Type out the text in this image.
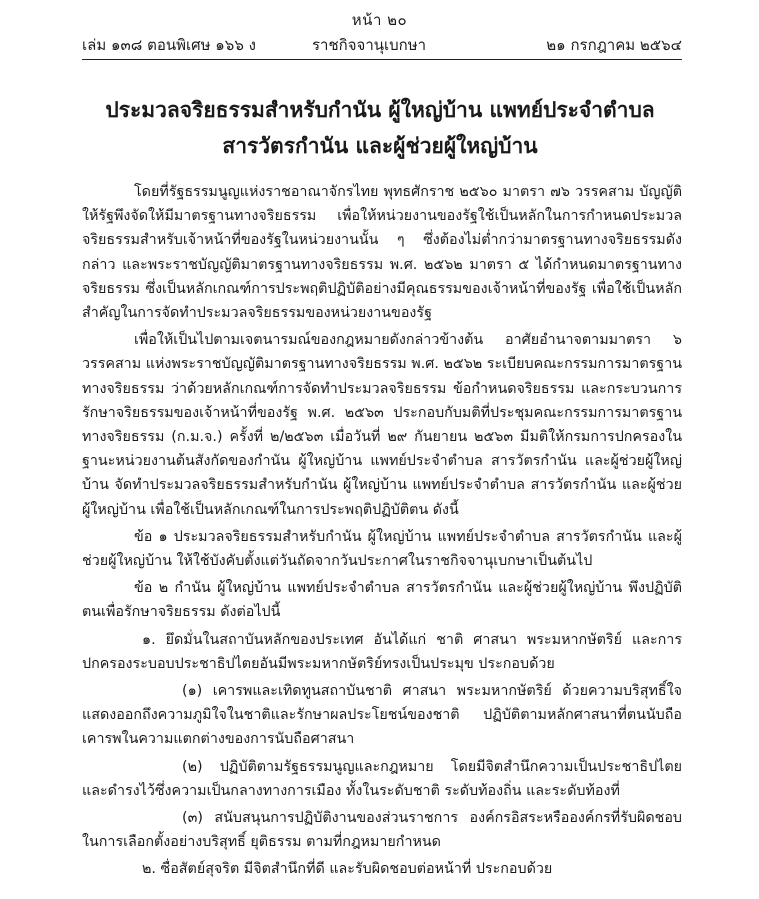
หน้า ๒๐
เล่ม ๑๓๘ ตอนพิเศษ ๑๖๖ ง	ราชกิจจานุเบกษา	๒๑ กรกฎาคม ๒๕๖๔
ประมวลจริยธรรมสำหรับกำนัน ผู้ใหญ่บ้าน แพทย์ประจำตำบล
สารวัตรกำนัน และผู้ช่วยผู้ใหญ่บ้าน

โดยที่รัฐธรรมนูญแห่งราชอาณาจักรไทย พุทธศักราช ๒๕๖๐ มาตรา ๗๖ วรรคสาม บัญญัติให้รัฐพึงจัดให้มีมาตรฐานทางจริยธรรม เพื่อให้หน่วยงานของรัฐใช้เป็นหลักในการกำหนดประมวลจริยธรรมสำหรับเจ้าหน้าที่ของรัฐในหน่วยงานนั้น ๆ ซึ่งต้องไม่ต่ำกว่ามาตรฐานทางจริยธรรมดังกล่าว และพระราชบัญญัติมาตรฐานทางจริยธรรม พ.ศ. ๒๕๖๒ มาตรา ๕ ได้กำหนดมาตรฐานทางจริยธรรม ซึ่งเป็นหลักเกณฑ์การประพฤติปฏิบัติอย่างมีคุณธรรมของเจ้าหน้าที่ของรัฐ เพื่อใช้เป็นหลักสำคัญในการจัดทำประมวลจริยธรรมของหน่วยงานของรัฐ

เพื่อให้เป็นไปตามเจตนารมณ์ของกฎหมายดังกล่าวข้างต้น อาศัยอำนาจตามมาตรา ๖ วรรคสาม แห่งพระราชบัญญัติมาตรฐานทางจริยธรรม พ.ศ. ๒๕๖๒ ระเบียบคณะกรรมการมาตรฐานทางจริยธรรม ว่าด้วยหลักเกณฑ์การจัดทำประมวลจริยธรรม ข้อกำหนดจริยธรรม และกระบวนการรักษาจริยธรรมของเจ้าหน้าที่ของรัฐ พ.ศ. ๒๕๖๓ ประกอบกับมติที่ประชุมคณะกรรมการมาตรฐานทางจริยธรรม (ก.ม.จ.) ครั้งที่ ๒/๒๕๖๓ เมื่อวันที่ ๒๙ กันยายน ๒๕๖๓ มีมติให้กรมการปกครองในฐานะหน่วยงานต้นสังกัดของกำนัน ผู้ใหญ่บ้าน แพทย์ประจำตำบล สารวัตรกำนัน และผู้ช่วยผู้ใหญ่บ้าน จัดทำประมวลจริยธรรมสำหรับกำนัน ผู้ใหญ่บ้าน แพทย์ประจำตำบล สารวัตรกำนัน และผู้ช่วยผู้ใหญ่บ้าน เพื่อใช้เป็นหลักเกณฑ์ในการประพฤติปฏิบัติตน ดังนี้

ข้อ ๑ ประมวลจริยธรรมสำหรับกำนัน ผู้ใหญ่บ้าน แพทย์ประจำตำบล สารวัตรกำนัน และผู้ช่วยผู้ใหญ่บ้าน ให้ใช้บังคับตั้งแต่วันถัดจากวันประกาศในราชกิจจานุเบกษาเป็นต้นไป

ข้อ ๒ กำนัน ผู้ใหญ่บ้าน แพทย์ประจำตำบล สารวัตรกำนัน และผู้ช่วยผู้ใหญ่บ้าน พึงปฏิบัติตนเพื่อรักษาจริยธรรม ดังต่อไปนี้

๑. ยึดมั่นในสถาบันหลักของประเทศ อันได้แก่ ชาติ ศาสนา พระมหากษัตริย์ และการปกครองระบอบประชาธิปไตยอันมีพระมหากษัตริย์ทรงเป็นประมุข ประกอบด้วย

(๑) เคารพและเทิดทูนสถาบันชาติ ศาสนา พระมหากษัตริย์ ด้วยความบริสุทธิ์ใจ แสดงออกถึงความภูมิใจในชาติและรักษาผลประโยชน์ของชาติ ปฏิบัติตามหลักศาสนาที่ตนนับถือ เคารพในความแตกต่างของการนับถือศาสนา

(๒) ปฏิบัติตามรัฐธรรมนูญและกฎหมาย โดยมีจิตสำนึกความเป็นประชาธิปไตย และดำรงไว้ซึ่งความเป็นกลางทางการเมือง ทั้งในระดับชาติ ระดับท้องถิ่น และระดับท้องที่

(๓) สนับสนุนการปฏิบัติงานของส่วนราชการ องค์กรอิสระหรือองค์กรที่รับผิดชอบในการเลือกตั้งอย่างบริสุทธิ์ ยุติธรรม ตามที่กฎหมายกำหนด

๒. ซื่อสัตย์สุจริต มีจิตสำนึกที่ดี และรับผิดชอบต่อหน้าที่ ประกอบด้วย
